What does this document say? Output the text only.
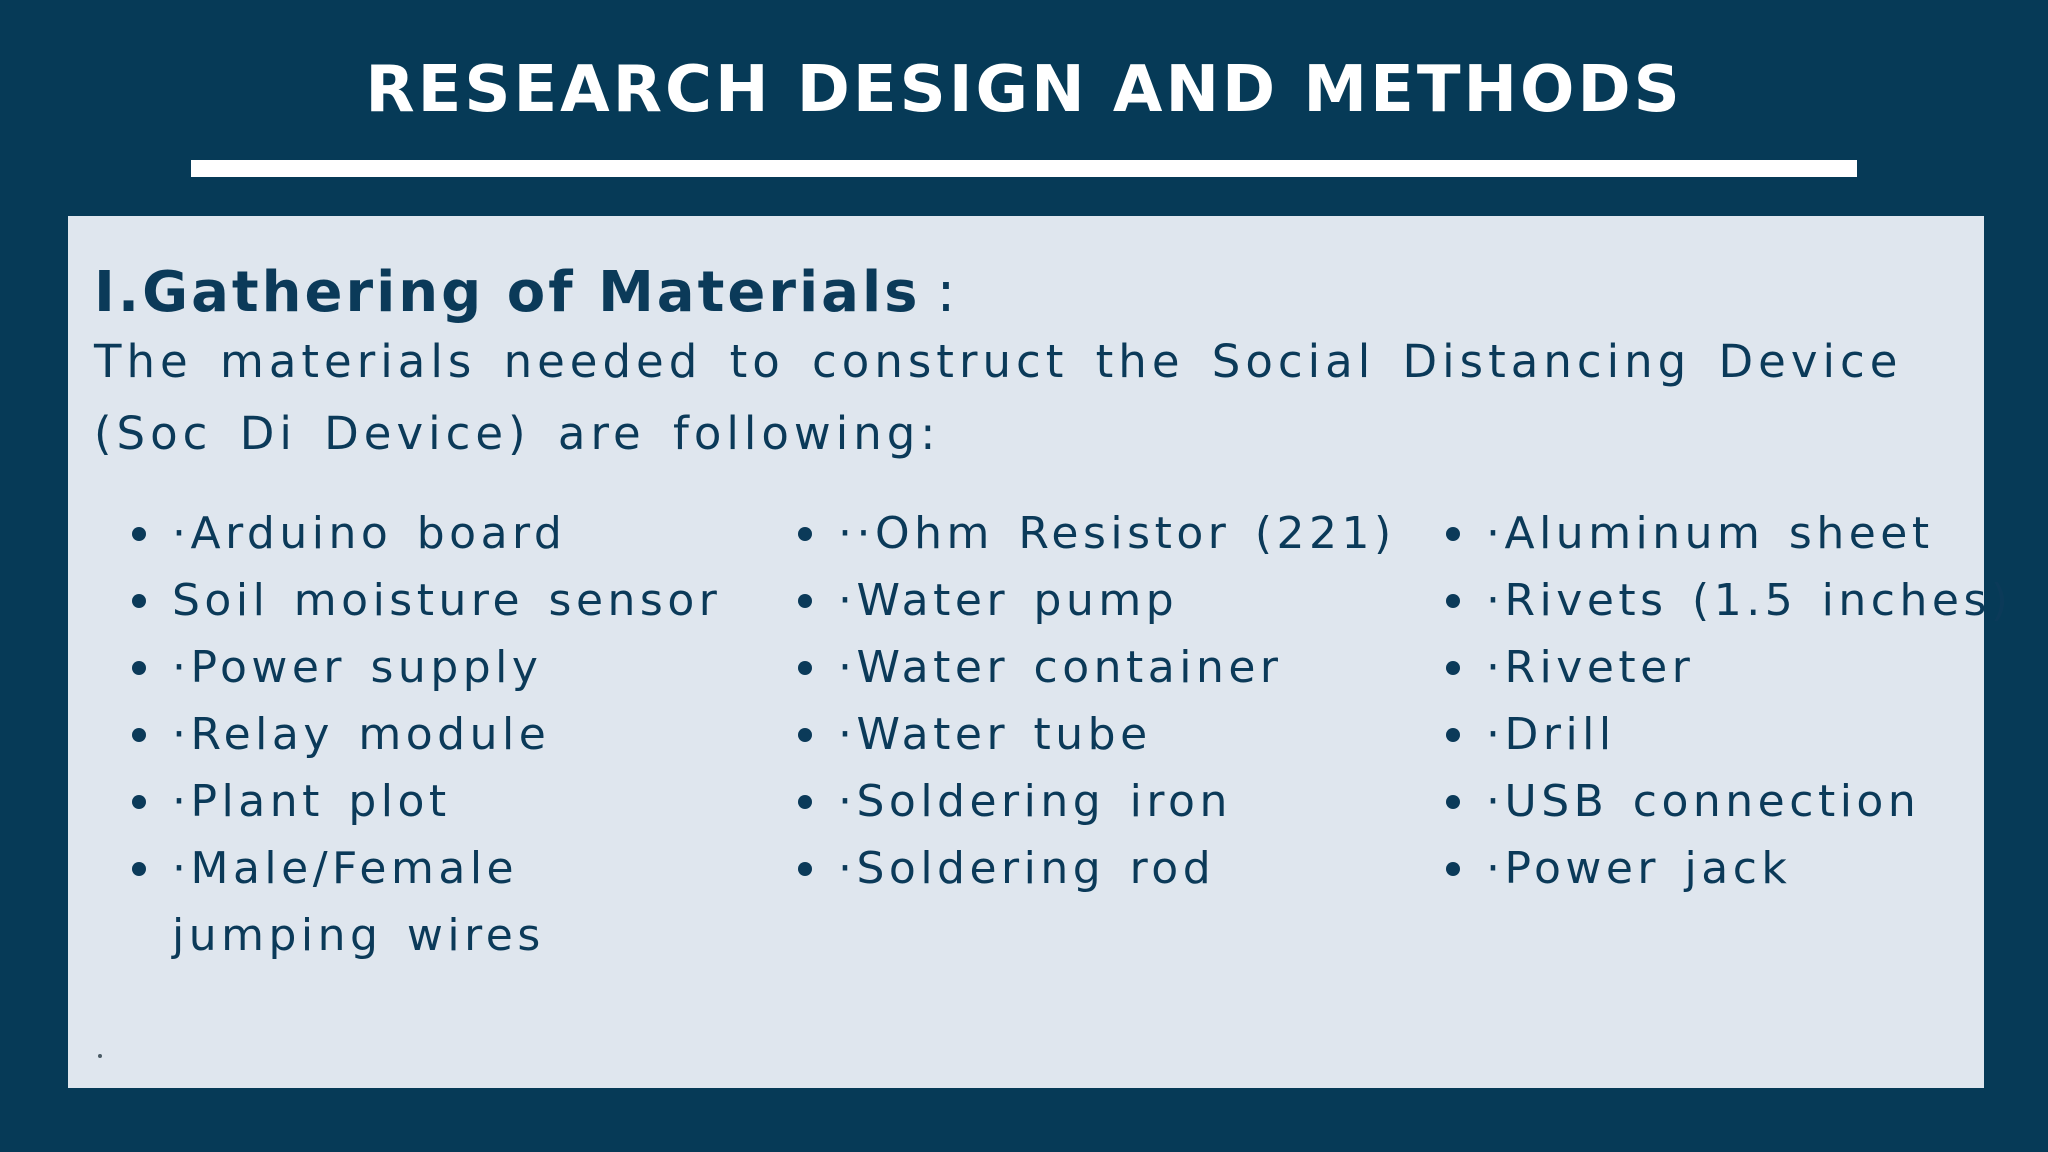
RESEARCH DESIGN AND METHODS
I.Gathering of Materials :

The materials needed to construct the Social Distancing Device (Soc Di Device) are following:

·Arduino board
Soil moisture sensor
·Power supply
·Relay module
·Plant plot
·Male/Female jumping wires
··Ohm Resistor (221)
·Water pump
·Water container
·Water tube
·Soldering iron
·Soldering rod
·Aluminum sheet
·Rivets (1.5 inches)
·Riveter
·Drill
·USB connection
·Power jack
